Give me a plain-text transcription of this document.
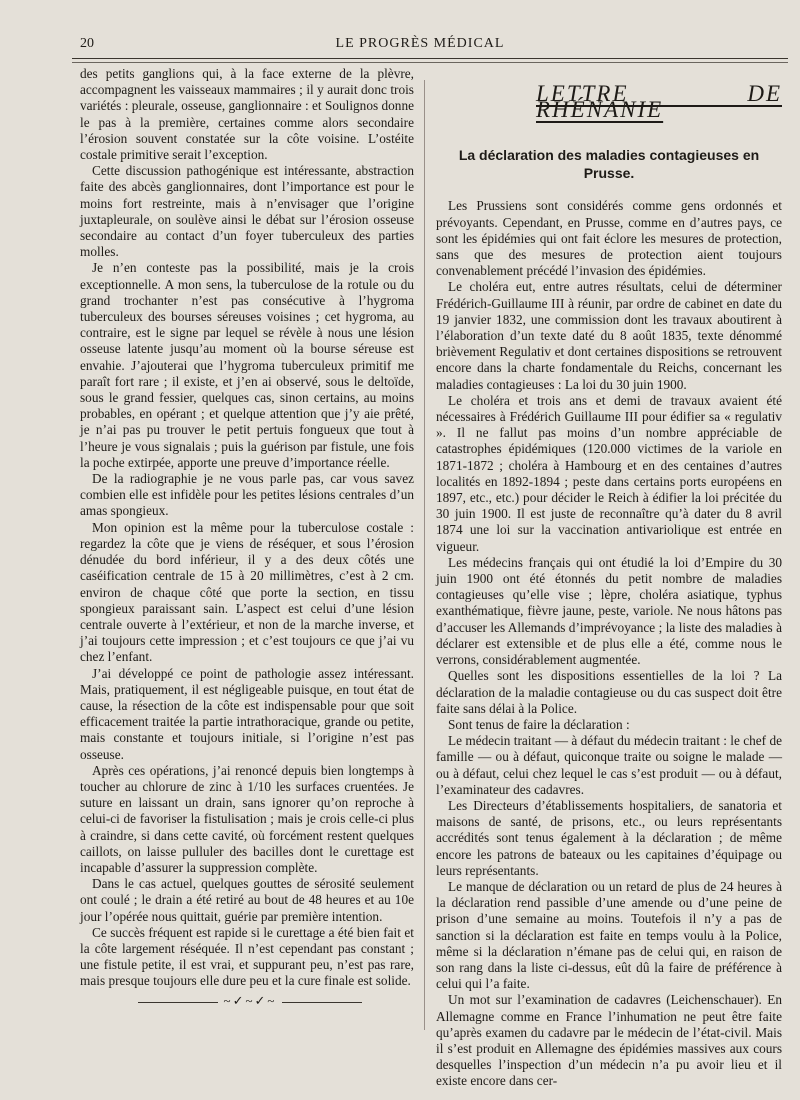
20	LE PROGRÈS MÉDICAL

des petits ganglions qui, à la face externe de la plèvre, accompagnent les vaisseaux mammaires ; il y aurait donc trois variétés : pleurale, osseuse, ganglionnaire : et Soulignos donne le pas à la première, certaines comme alors secondaire l’érosion souvent constatée sur la côte voisine. L’ostéite costale primitive serait l’exception.

Cette discussion pathogénique est intéressante, abstraction faite des abcès ganglionnaires, dont l’importance est pour le moins fort restreinte, mais à n’envisager que l’origine juxtapleurale, on soulève ainsi le débat sur l’érosion osseuse secondaire au contact d’un foyer tuberculeux des parties molles.

Je n’en conteste pas la possibilité, mais je la crois exceptionnelle. A mon sens, la tuberculose de la rotule ou du grand trochanter n’est pas consécutive à l’hygroma tuberculeux des bourses séreuses voisines ; cet hygroma, au contraire, est le signe par lequel se révèle à nous une lésion osseuse latente jusqu’au moment où la bourse séreuse est envahie. J’ajouterai que l’hygroma tuberculeux primitif me paraît fort rare ; il existe, et j’en ai observé, sous le deltoïde, sous le grand fessier, quelques cas, sinon certains, au moins probables, en opérant ; et quelque attention que j’y aie prêté, je n’ai pas pu trouver le petit pertuis fongueux que tout à l’heure je vous signalais ; puis la guérison par fistule, une fois la poche extirpée, apporte une preuve d’importance réelle.

De la radiographie je ne vous parle pas, car vous savez combien elle est infidèle pour les petites lésions centrales d’un amas spongieux.

Mon opinion est la même pour la tuberculose costale : regardez la côte que je viens de réséquer, et sous l’érosion dénudée du bord inférieur, il y a des deux côtés une caséification centrale de 15 à 20 millimètres, c’est à 2 cm. environ de chaque côté que porte la section, en tissu spongieux paraissant sain. L’aspect est celui d’une lésion centrale ouverte à l’extérieur, et non de la marche inverse, et j’ai toujours cette impression ; et c’est toujours ce que j’ai vu chez l’enfant.

J’ai développé ce point de pathologie assez intéressant. Mais, pratiquement, il est négligeable puisque, en tout état de cause, la résection de la côte est indispensable pour que soit efficacement traitée la partie intrathoracique, grande ou petite, mais constante et toujours initiale, si l’origine n’est pas osseuse.

Après ces opérations, j’ai renoncé depuis bien longtemps à toucher au chlorure de zinc à 1/10 les surfaces cruentées. Je suture en laissant un drain, sans ignorer qu’on reproche à celui-ci de favoriser la fistulisation ; mais je crois celle-ci plus à craindre, si dans cette cavité, où forcément restent quelques caillots, on laisse pulluler des bacilles dont le curettage est incapable d’assurer la suppression complète.

Dans le cas actuel, quelques gouttes de sérosité seulement ont coulé ; le drain a été retiré au bout de 48 heures et au 10e jour l’opérée nous quittait, guérie par première intention.

Ce succès fréquent est rapide si le curettage a été bien fait et la côte largement réséquée. Il n’est cependant pas constant ; une fistule petite, il est vrai, et suppurant peu, n’est pas rare, mais presque toujours elle dure peu et la cure finale est solide.

LETTRE DE RHÉNANIE
La déclaration des maladies contagieuses en Prusse.

Les Prussiens sont considérés comme gens ordonnés et prévoyants. Cependant, en Prusse, comme en d’autres pays, ce sont les épidémies qui ont fait éclore les mesures de protection, sans que des mesures de protection aient toujours convenablement précédé l’invasion des épidémies.

Le choléra eut, entre autres résultats, celui de déterminer Frédérich-Guillaume III à réunir, par ordre de cabinet en date du 19 janvier 1832, une commission dont les travaux aboutirent à l’élaboration d’un texte daté du 8 août 1835, texte dénommé brièvement Regulativ et dont certaines dispositions se retrouvent encore dans la charte fondamentale du Reichs, concernant les maladies contagieuses : La loi du 30 juin 1900.

Le choléra et trois ans et demi de travaux avaient été nécessaires à Frédérich Guillaume III pour édifier sa « regulativ ». Il ne fallut pas moins d’un nombre appréciable de catastrophes épidémiques (120.000 victimes de la variole en 1871-1872 ; choléra à Hambourg et en des centaines d’autres localités en 1892-1894 ; peste dans certains ports européens en 1897, etc., etc.) pour décider le Reich à édifier la loi précitée du 30 juin 1900. Il est juste de reconnaître qu’à dater du 8 avril 1874 une loi sur la vaccination antivariolique est entrée en vigueur.

Les médecins français qui ont étudié la loi d’Empire du 30 juin 1900 ont été étonnés du petit nombre de maladies contagieuses qu’elle vise ; lèpre, choléra asiatique, typhus exanthématique, fièvre jaune, peste, variole. Ne nous hâtons pas d’accuser les Allemands d’imprévoyance ; la liste des maladies à déclarer est extensible et de plus elle a été, comme nous le verrons, considérablement augmentée.

Quelles sont les dispositions essentielles de la loi ? La déclaration de la maladie contagieuse ou du cas suspect doit être faite sans délai à la Police.

Sont tenus de faire la déclaration :

Le médecin traitant — à défaut du médecin traitant : le chef de famille — ou à défaut, quiconque traite ou soigne le malade — ou à défaut, celui chez lequel le cas s’est produit — ou à défaut, l’examinateur des cadavres.

Les Directeurs d’établissements hospitaliers, de sanatoria et maisons de santé, de prisons, etc., ou leurs représentants accrédités sont tenus également à la déclaration ; de même encore les patrons de bateaux ou les capitaines d’équipage ou leurs représentants.

Le manque de déclaration ou un retard de plus de 24 heures à la déclaration rend passible d’une amende ou d’une peine de prison d’une semaine au moins. Toutefois il n’y a pas de sanction si la déclaration est faite en temps voulu à la Police, même si la déclaration n’émane pas de celui qui, en raison de son rang dans la liste ci-dessus, eût dû la faire de préférence à celui qui l’a faite.

Un mot sur l’examination de cadavres (Leichenschauer). En Allemagne comme en France l’inhumation ne peut être faite qu’après examen du cadavre par le médecin de l’état-civil. Mais il s’est produit en Allemagne des épidémies massives aux cours desquelles l’inspection d’un médecin n’a pu avoir lieu et il existe encore dans cer-

~✓~✓~
